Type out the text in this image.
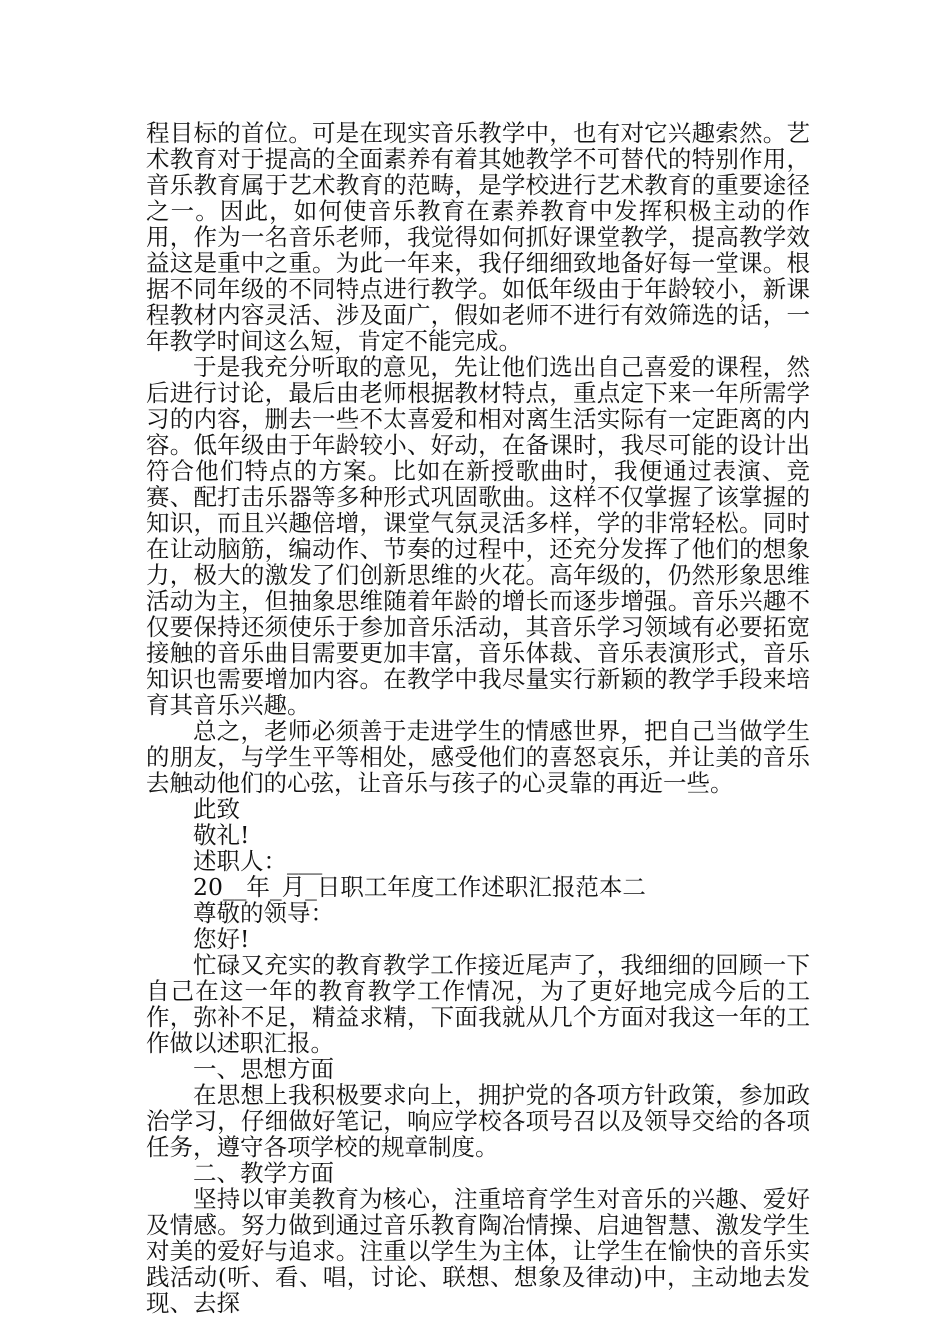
程目标的首位。可是在现实音乐教学中，也有对它兴趣索然。艺术教育对于提高的全面素养有着其她教学不可替代的特别作用，音乐教育属于艺术教育的范畴，是学校进行艺术教育的重要途径之一。因此，如何使音乐教育在素养教育中发挥积极主动的作用，作为一名音乐老师，我觉得如何抓好课堂教学，提高教学效益这是重中之重。为此一年来，我仔细细致地备好每一堂课。根据不同年级的不同特点进行教学。如低年级由于年龄较小，新课程教材内容灵活、涉及面广，假如老师不进行有效筛选的话，一年教学时间这么短，肯定不能完成。

于是我充分听取的意见，先让他们选出自己喜爱的课程，然后进行讨论，最后由老师根据教材特点，重点定下来一年所需学习的内容，删去一些不太喜爱和相对离生活实际有一定距离的内容。低年级由于年龄较小、好动，在备课时，我尽可能的设计出符合他们特点的方案。比如在新授歌曲时，我便通过表演、竞赛、配打击乐器等多种形式巩固歌曲。这样不仅掌握了该掌握的知识，而且兴趣倍增，课堂气氛灵活多样，学的非常轻松。同时在让动脑筋，编动作、节奏的过程中，还充分发挥了他们的想象力，极大的激发了们创新思维的火花。高年级的，仍然形象思维活动为主，但抽象思维随着年龄的增长而逐步增强。音乐兴趣不仅要保持还须使乐于参加音乐活动，其音乐学习领域有必要拓宽接触的音乐曲目需要更加丰富，音乐体裁、音乐表演形式，音乐知识也需要增加内容。在教学中我尽量实行新颖的教学手段来培育其音乐兴趣。

总之，老师必须善于走进学生的情感世界，把自己当做学生的朋友，与学生平等相处，感受他们的喜怒哀乐，并让美的音乐去触动他们的心弦，让音乐与孩子的心灵靠的再近一些。

此致

敬礼!

述职人：___

20__年_月_日职工年度工作述职汇报范本二

尊敬的领导：

您好!

忙碌又充实的教育教学工作接近尾声了，我细细的回顾一下自己在这一年的教育教学工作情况，为了更好地完成今后的工作，弥补不足，精益求精，下面我就从几个方面对我这一年的工作做以述职汇报。

一、思想方面

在思想上我积极要求向上，拥护党的各项方针政策，参加政治学习，仔细做好笔记，响应学校各项号召以及领导交给的各项任务，遵守各项学校的规章制度。

二、教学方面

坚持以审美教育为核心，注重培育学生对音乐的兴趣、爱好及情感。努力做到通过音乐教育陶冶情操、启迪智慧、激发学生对美的爱好与追求。注重以学生为主体，让学生在愉快的音乐实践活动(听、看、唱，讨论、联想、想象及律动)中，主动地去发现、去探
